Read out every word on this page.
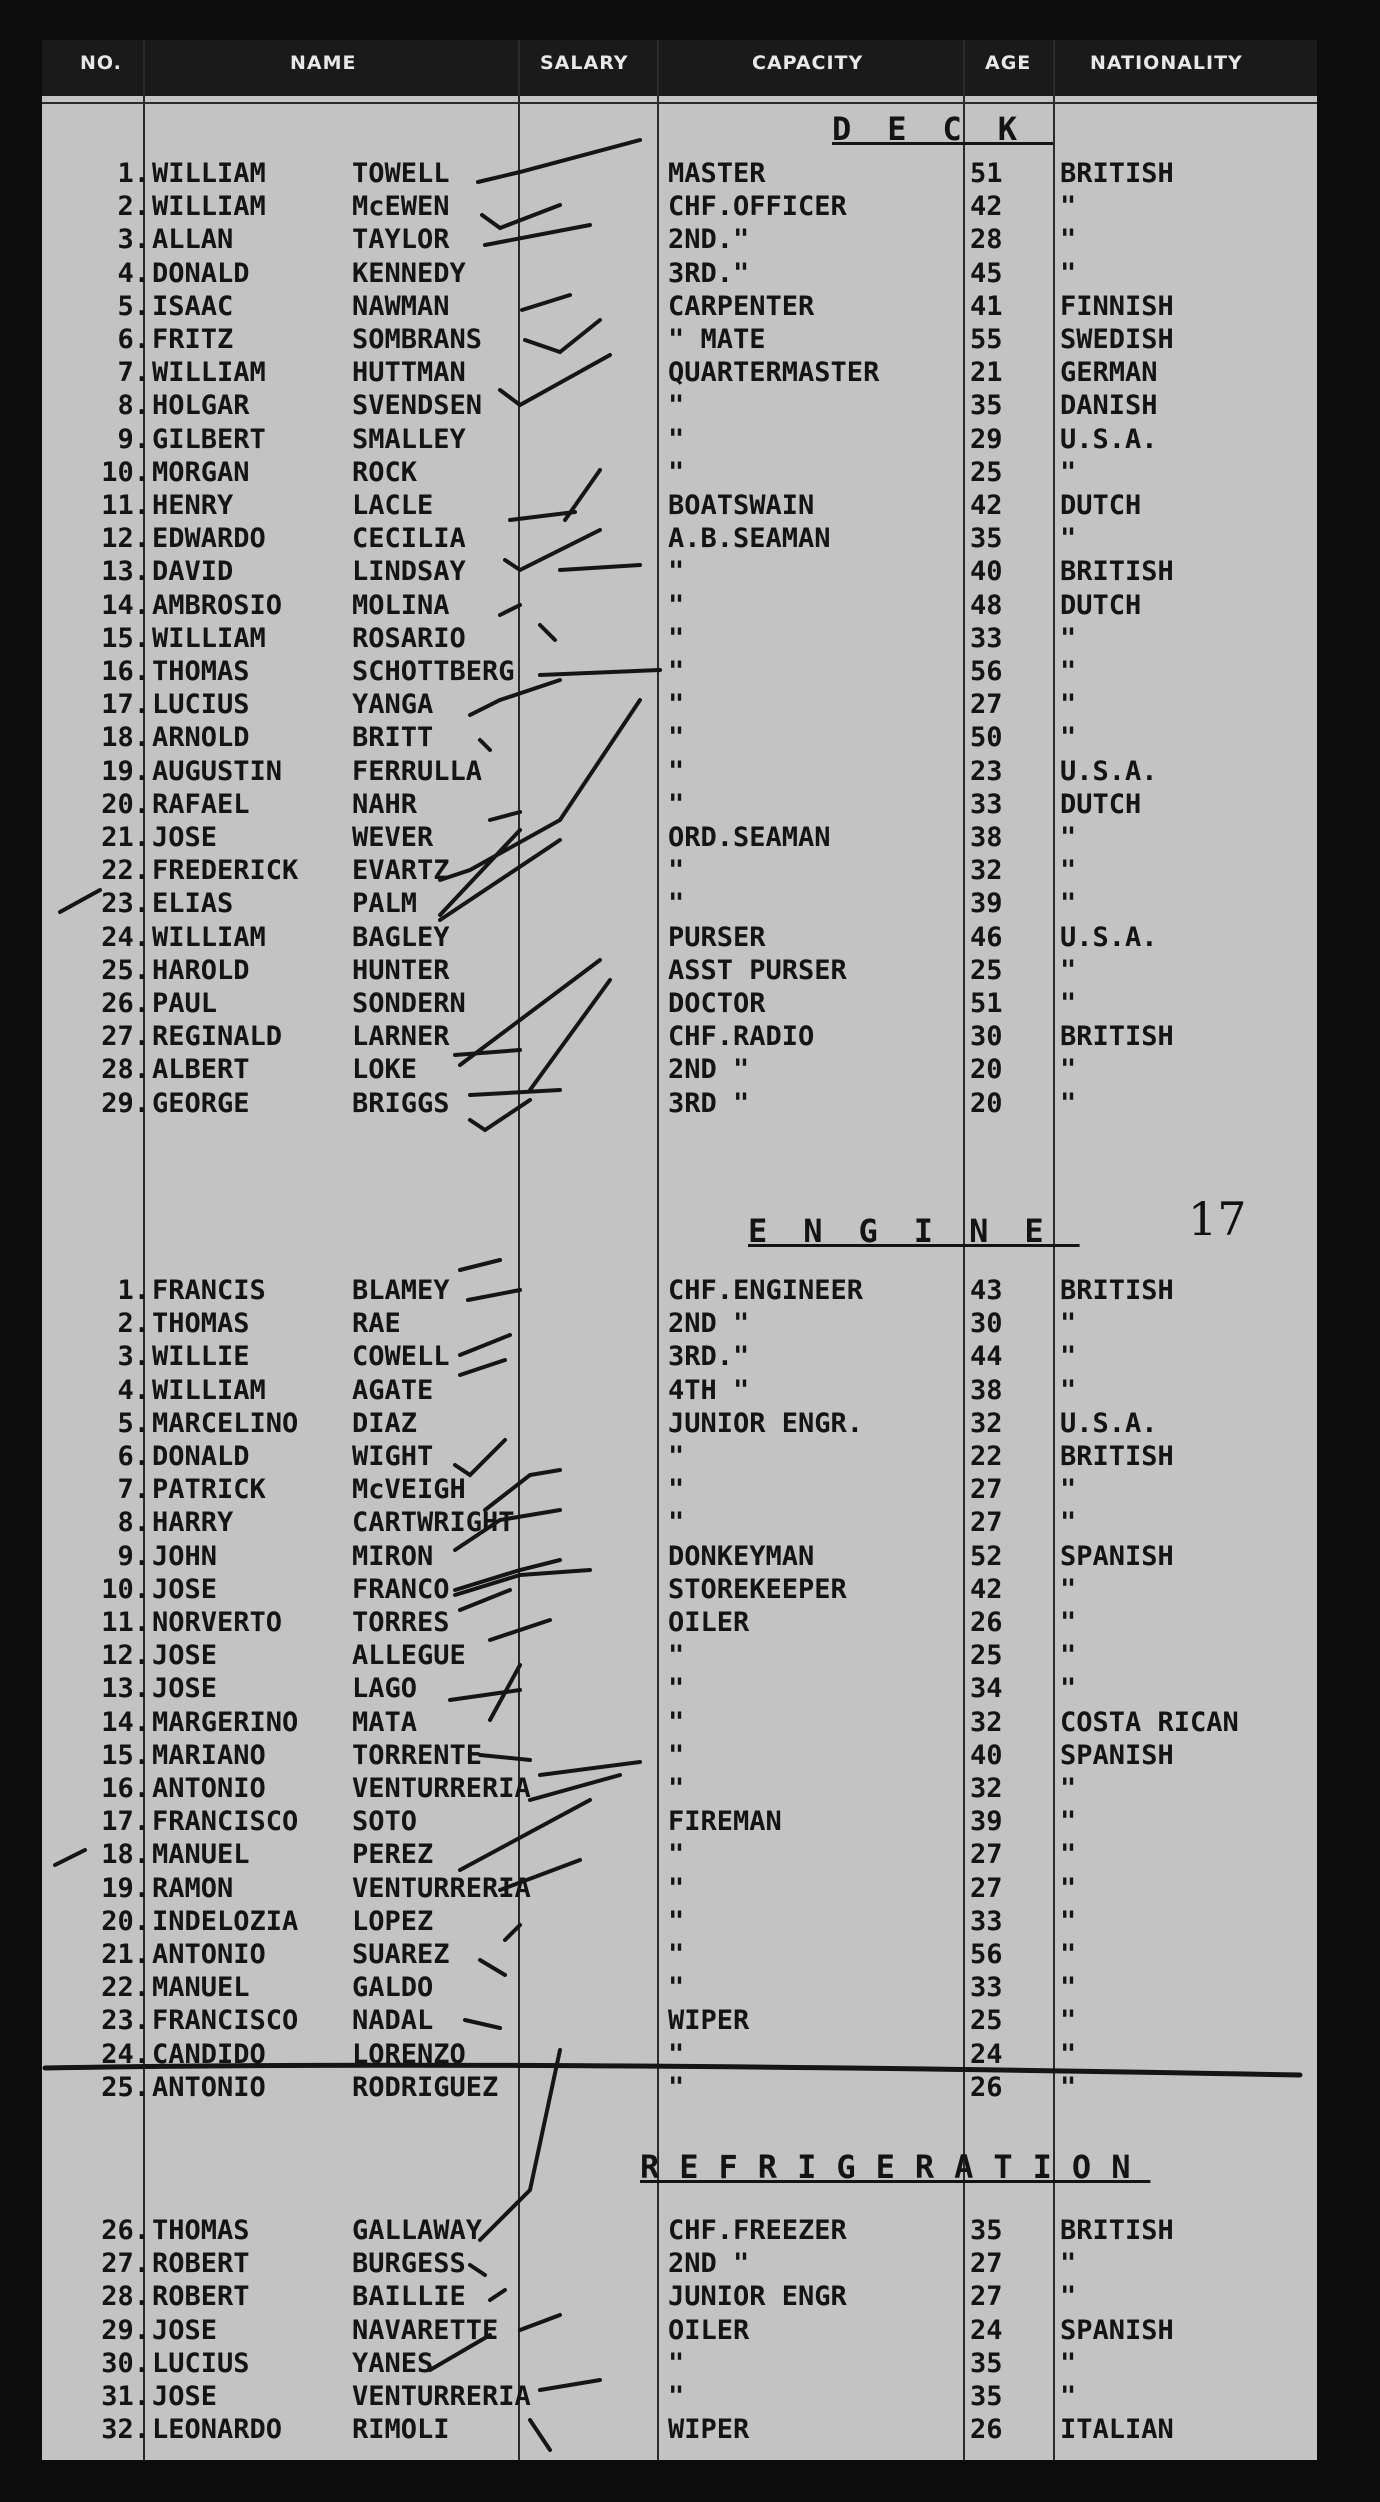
NO.	NAME	SALARY	CAPACITY	AGE	NATIONALITY
DECK
ENGINE
REFRIGERATION
17
1. WILLIAM	TOWELL	MASTER	51 BRITISH
2. WILLIAM	McEWEN	CHF.OFFICER	42 "
3. ALLAN	TAYLOR	2ND."	28 "
4. DONALD	KENNEDY	3RD."	45 "
5. ISAAC	NAWMAN	CARPENTER	41 FINNISH
6. FRITZ	SOMBRANS	" MATE	55 SWEDISH
7. WILLIAM	HUTTMAN	QUARTERMASTER	21 GERMAN
8. HOLGAR	SVENDSEN	"	35 DANISH
9. GILBERT	SMALLEY	"	29 U.S.A.
10. MORGAN	ROCK	"	25 "
11. HENRY	LACLE	BOATSWAIN	42 DUTCH
12. EDWARDO	CECILIA	A.B.SEAMAN	35 "
13. DAVID	LINDSAY	"	40 BRITISH
14. AMBROSIO	MOLINA	"	48 DUTCH
15. WILLIAM	ROSARIO	"	33 "
16. THOMAS	SCHOTTBERG	"	56 "
17. LUCIUS	YANGA	"	27 "
18. ARNOLD	BRITT	"	50 "
19. AUGUSTIN	FERRULLA	"	23 U.S.A.
20. RAFAEL	NAHR	"	33 DUTCH
21. JOSE	WEVER	ORD.SEAMAN	38 "
22. FREDERICK EVARTZ	"	32 "
23. ELIAS	PALM	"	39 "
24. WILLIAM	BAGLEY	PURSER	46 U.S.A.
25. HAROLD	HUNTER	ASST PURSER	25 "
26. PAUL	SONDERN	DOCTOR	51 "
27. REGINALD	LARNER	CHF.RADIO	30 BRITISH
28. ALBERT	LOKE	2ND "	20 "
29. GEORGE	BRIGGS	3RD "	20 "
1. FRANCIS	BLAMEY	CHF.ENGINEER	43 BRITISH
2. THOMAS	RAE	2ND "	30 "
3. WILLIE	COWELL	3RD."	44 "
4. WILLIAM	AGATE	4TH "	38 "
5. MARCELINO DIAZ	JUNIOR ENGR.	32 U.S.A.
6. DONALD	WIGHT	"	22 BRITISH
7. PATRICK	McVEIGH	"	27 "
8. HARRY	CARTWRIGHT	"	27 "
9. JOHN	MIRON	DONKEYMAN	52 SPANISH
10. JOSE	FRANCO	STOREKEEPER	42 "
11. NORVERTO	TORRES	OILER	26 "
12. JOSE	ALLEGUE	"	25 "
13. JOSE	LAGO	"	34 "
14. MARGERINO MATA	"	32 COSTA RICAN
15. MARIANO	TORRENTE	"	40 SPANISH
16. ANTONIO	VENTURRERIA	"	32 "
17. FRANCISCO SOTO	FIREMAN	39 "
18. MANUEL	PEREZ	"	27 "
19. RAMON	VENTURRERIA	"	27 "
20. INDELOZIA LOPEZ	"	33 "
21. ANTONIO	SUAREZ	"	56 "
22. MANUEL	GALDO	"	33 "
23. FRANCISCO NADAL	WIPER	25 "
24. CANDIDO	LORENZO	"	24 "
25. ANTONIO	RODRIGUEZ	"	26 "
26. THOMAS	GALLAWAY	CHF.FREEZER	35 BRITISH
27. ROBERT	BURGESS	2ND "	27 "
28. ROBERT	BAILLIE	JUNIOR ENGR	27 "
29. JOSE	NAVARETTE	OILER	24 SPANISH
30. LUCIUS	YANES	"	35 "
31. JOSE	VENTURRERIA	"	35 "
32. LEONARDO	RIMOLI	WIPER	26 ITALIAN
